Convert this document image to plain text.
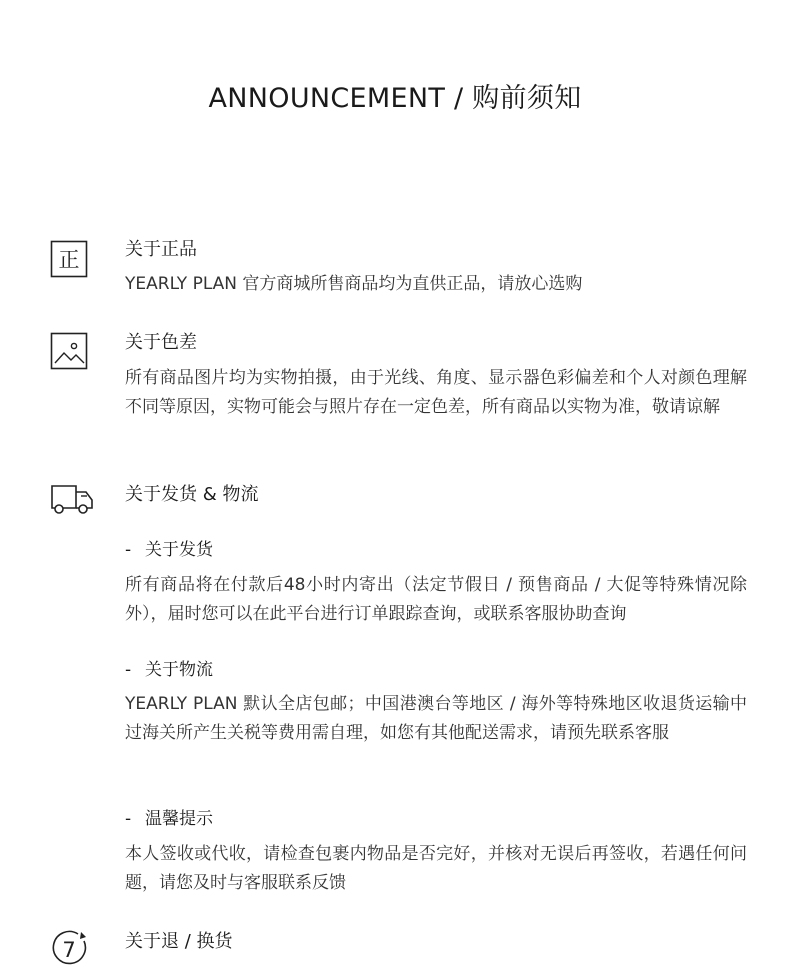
ANNOUNCEMENT / 购前须知
正	关于正品
YEARLY PLAN 官方商城所售商品均为直供正品，请放心选购
关于色差
所有商品图片均为实物拍摄，由于光线、角度、显示器色彩偏差和个人对颜色理解不同等原因，实物可能会与照片存在一定色差，所有商品以实物为准，敬请谅解
关于发货 & 物流
- 关于发货
所有商品将在付款后48小时内寄出（法定节假日 / 预售商品 / 大促等特殊情况除外），届时您可以在此平台进行订单跟踪查询，或联系客服协助查询
- 关于物流
YEARLY PLAN 默认全店包邮；中国港澳台等地区 / 海外等特殊地区收退货运输中过海关所产生关税等费用需自理，如您有其他配送需求，请预先联系客服
- 温馨提示
本人签收或代收，请检查包裹内物品是否完好，并核对无误后再签收，若遇任何问题，请您及时与客服联系反馈
7	关于退 / 换货
